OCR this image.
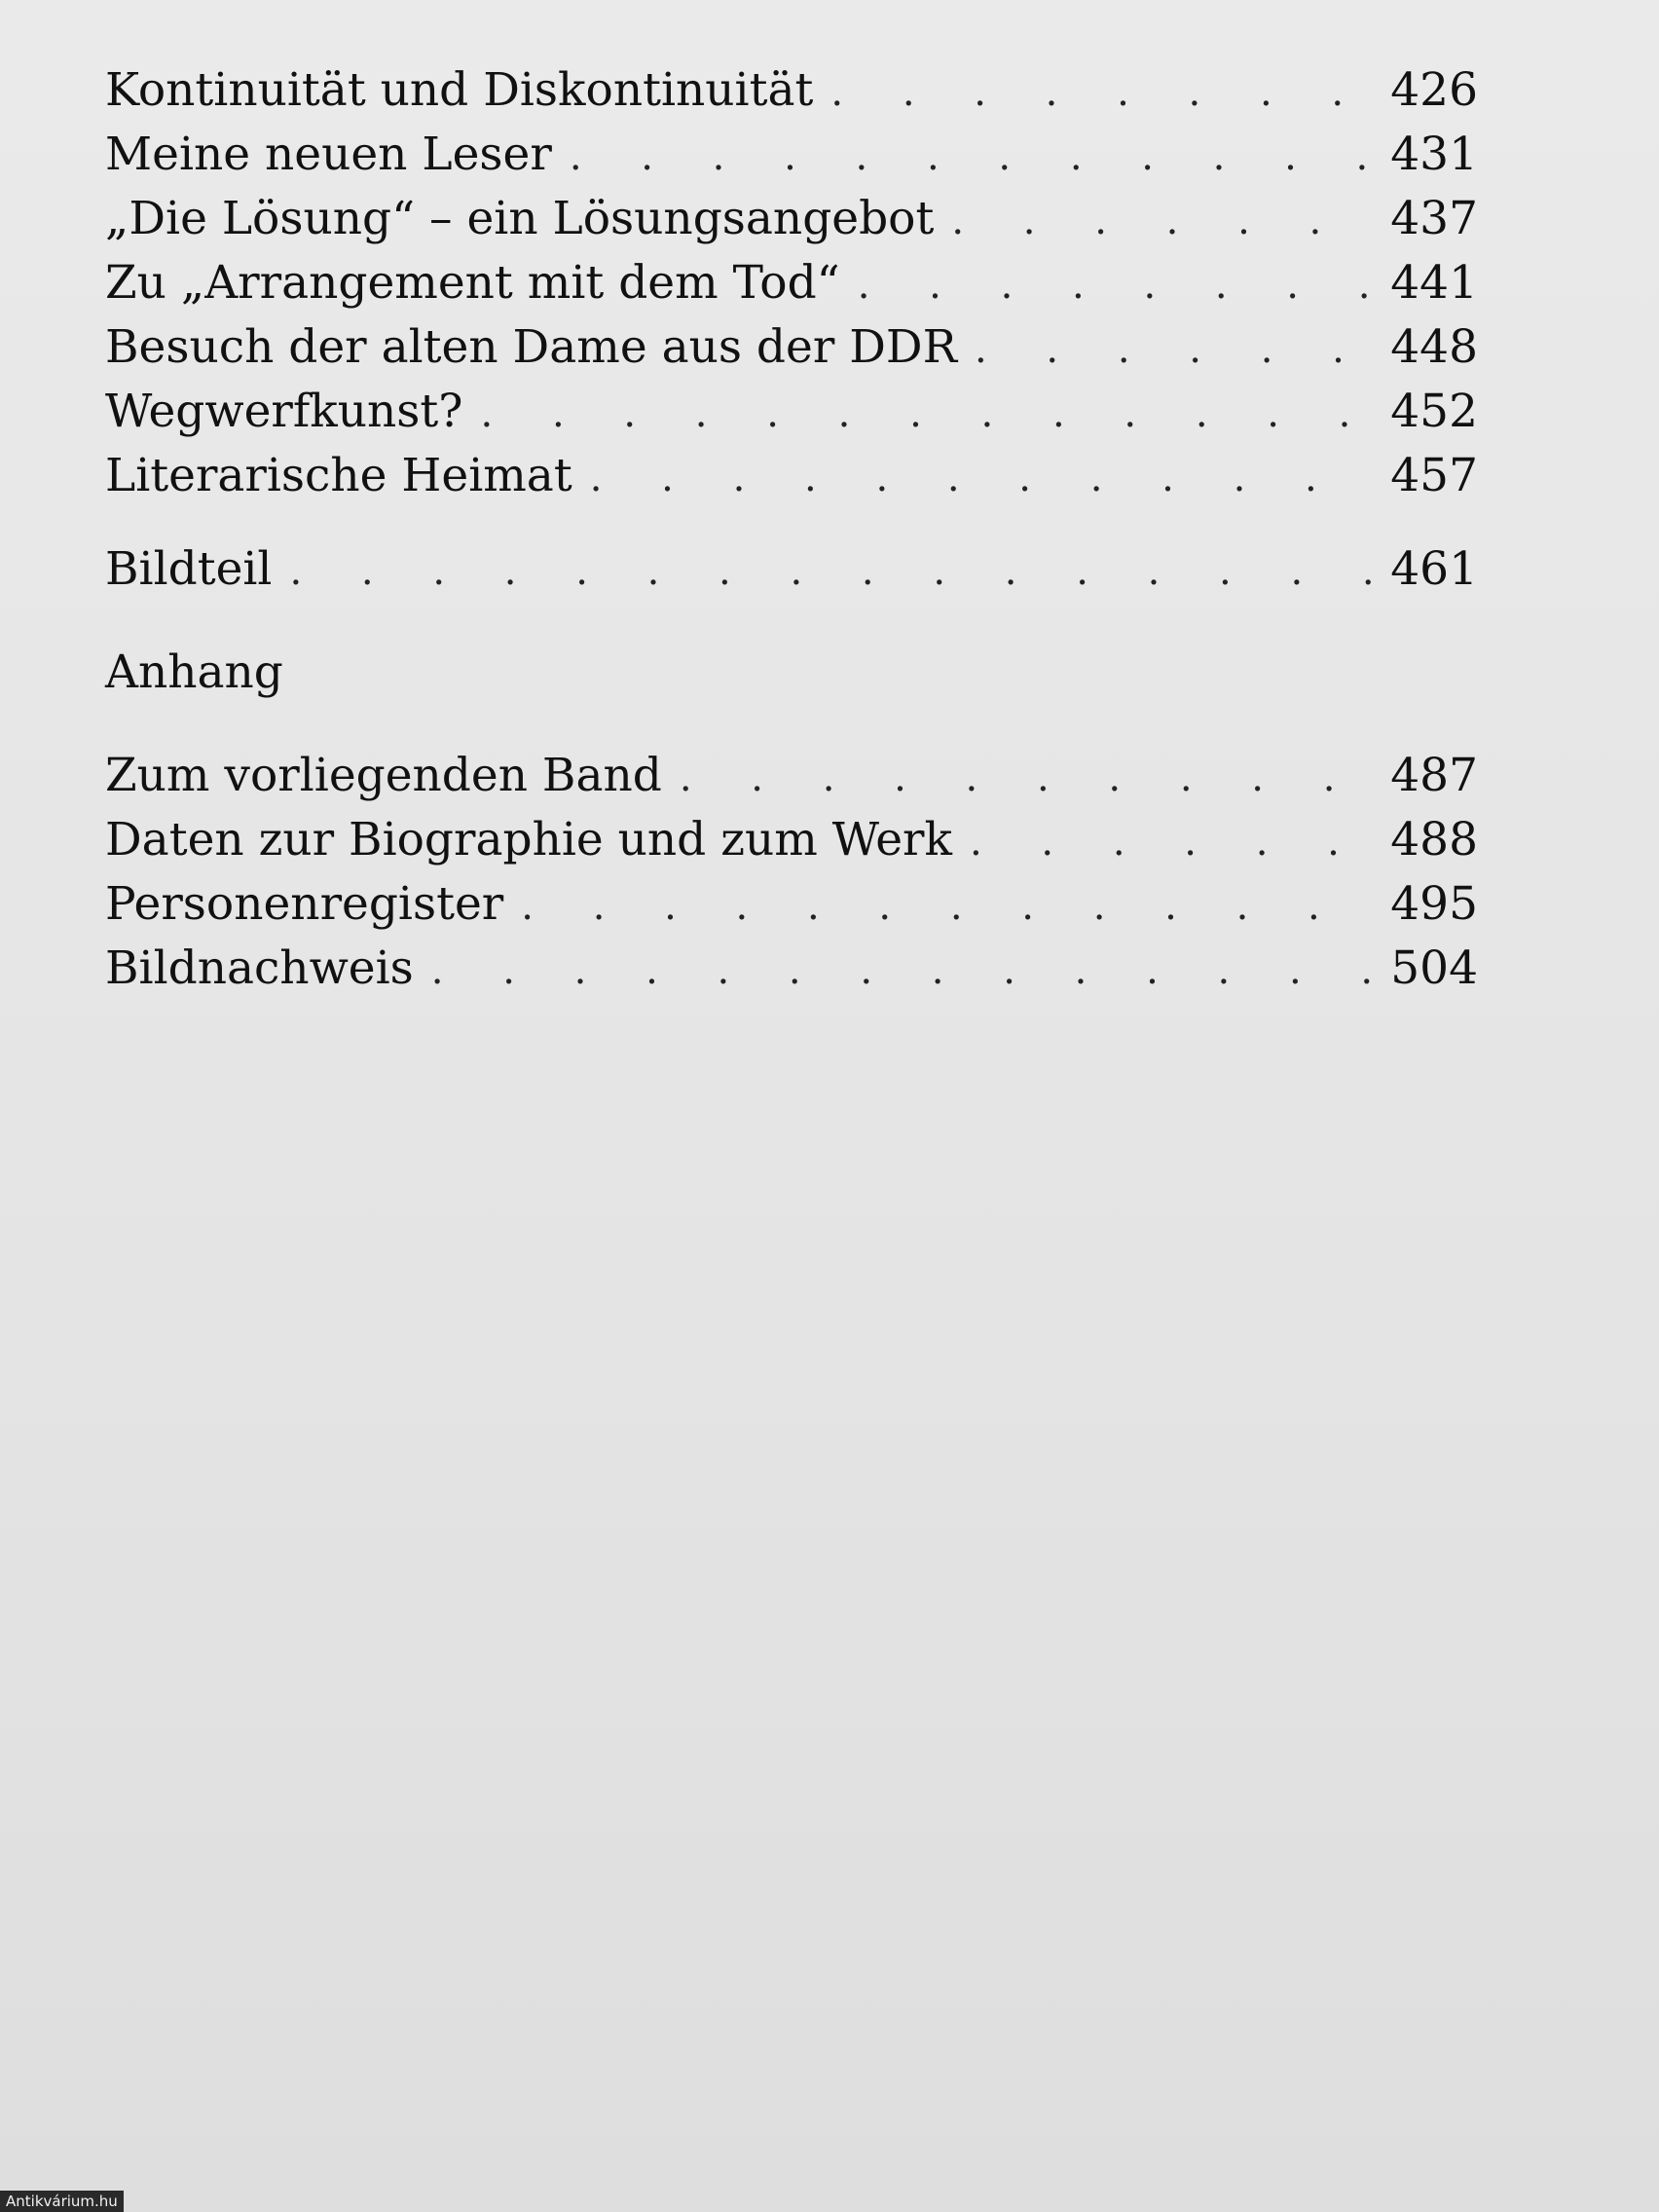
Kontinuität und Diskontinuität . . .	426
Meine neuen Leser . . .	431
„Die Lösung“ – ein Lösungsangebot . . .	437
Zu „Arrangement mit dem Tod“ . . .	441
Besuch der alten Dame aus der DDR . . .	448
Wegwerfkunst? . . .	452
Literarische Heimat . . .	457
Bildteil . . .	461
Anhang
Zum vorliegenden Band . . .	487
Daten zur Biographie und zum Werk . . .	488
Personenregister . . .	495
Bildnachweis . . .	504
Antikvárium.hu
